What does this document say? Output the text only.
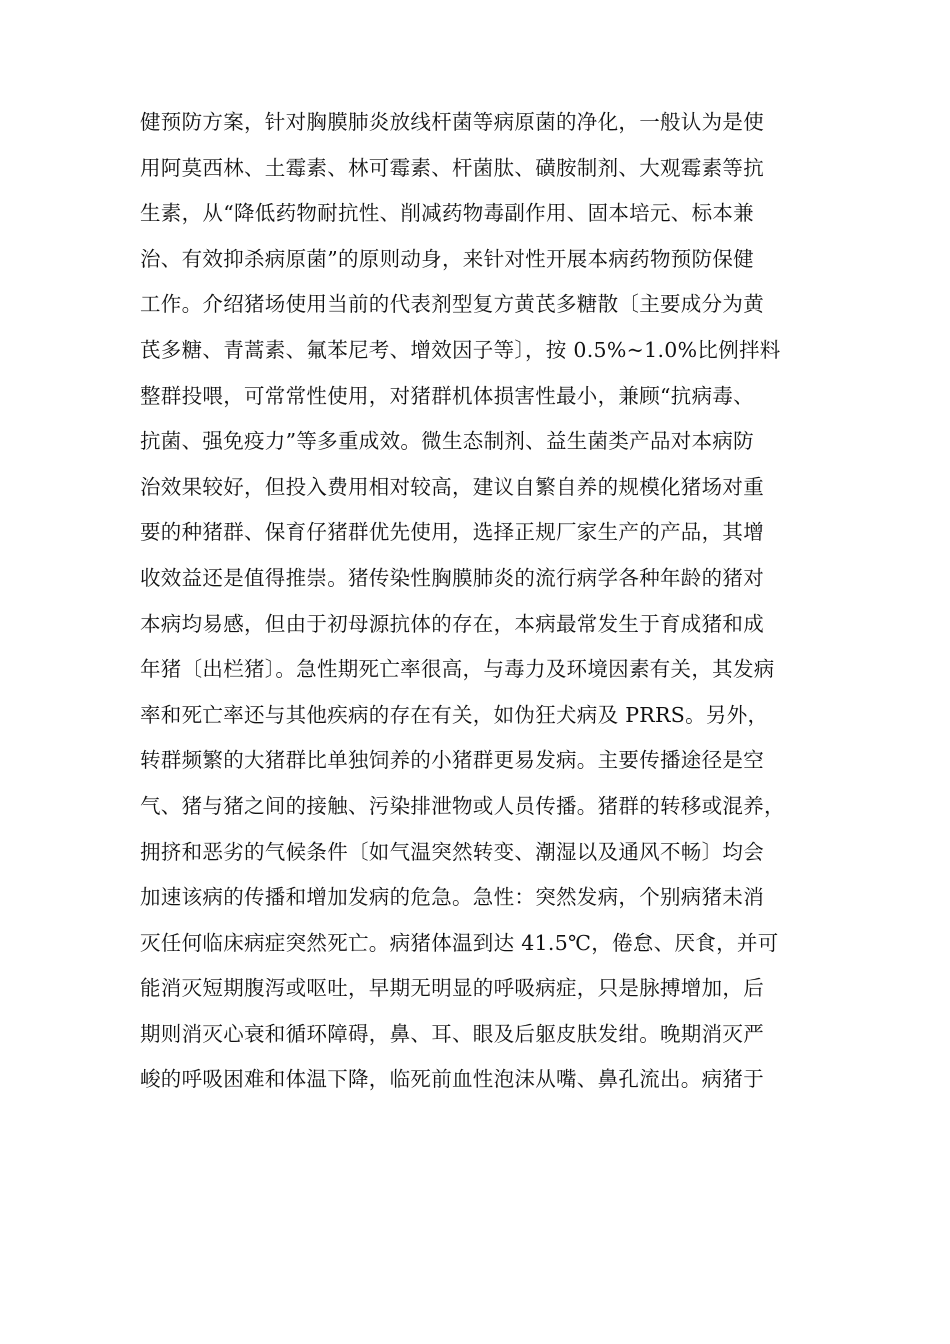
健预防方案，针对胸膜肺炎放线杆菌等病原菌的净化，一般认为是使
用阿莫西林、土霉素、林可霉素、杆菌肽、磺胺制剂、大观霉素等抗
生素，从“降低药物耐抗性、削减药物毒副作用、固本培元、标本兼
治、有效抑杀病原菌”的原则动身，来针对性开展本病药物预防保健
工作。介绍猪场使用当前的代表剂型复方黄芪多糖散〔主要成分为黄
芪多糖、青蒿素、氟苯尼考、增效因子等〕，按 0.5%~1.0%比例拌料
整群投喂，可常常性使用，对猪群机体损害性最小，兼顾“抗病毒、
抗菌、强免疫力”等多重成效。微生态制剂、益生菌类产品对本病防
治效果较好，但投入费用相对较高，建议自繁自养的规模化猪场对重
要的种猪群、保育仔猪群优先使用，选择正规厂家生产的产品，其增
收效益还是值得推崇。猪传染性胸膜肺炎的流行病学各种年龄的猪对
本病均易感，但由于初母源抗体的存在，本病最常发生于育成猪和成
年猪〔出栏猪〕。急性期死亡率很高，与毒力及环境因素有关，其发病
率和死亡率还与其他疾病的存在有关，如伪狂犬病及 PRRS。另外，
转群频繁的大猪群比单独饲养的小猪群更易发病。主要传播途径是空
气、猪与猪之间的接触、污染排泄物或人员传播。猪群的转移或混养，
拥挤和恶劣的气候条件〔如气温突然转变、潮湿以及通风不畅〕均会
加速该病的传播和增加发病的危急。急性：突然发病，个别病猪未消
灭任何临床病症突然死亡。病猪体温到达 41.5℃，倦怠、厌食，并可
能消灭短期腹泻或呕吐，早期无明显的呼吸病症，只是脉搏增加，后
期则消灭心衰和循环障碍，鼻、耳、眼及后躯皮肤发绀。晚期消灭严
峻的呼吸困难和体温下降，临死前血性泡沫从嘴、鼻孔流出。病猪于
